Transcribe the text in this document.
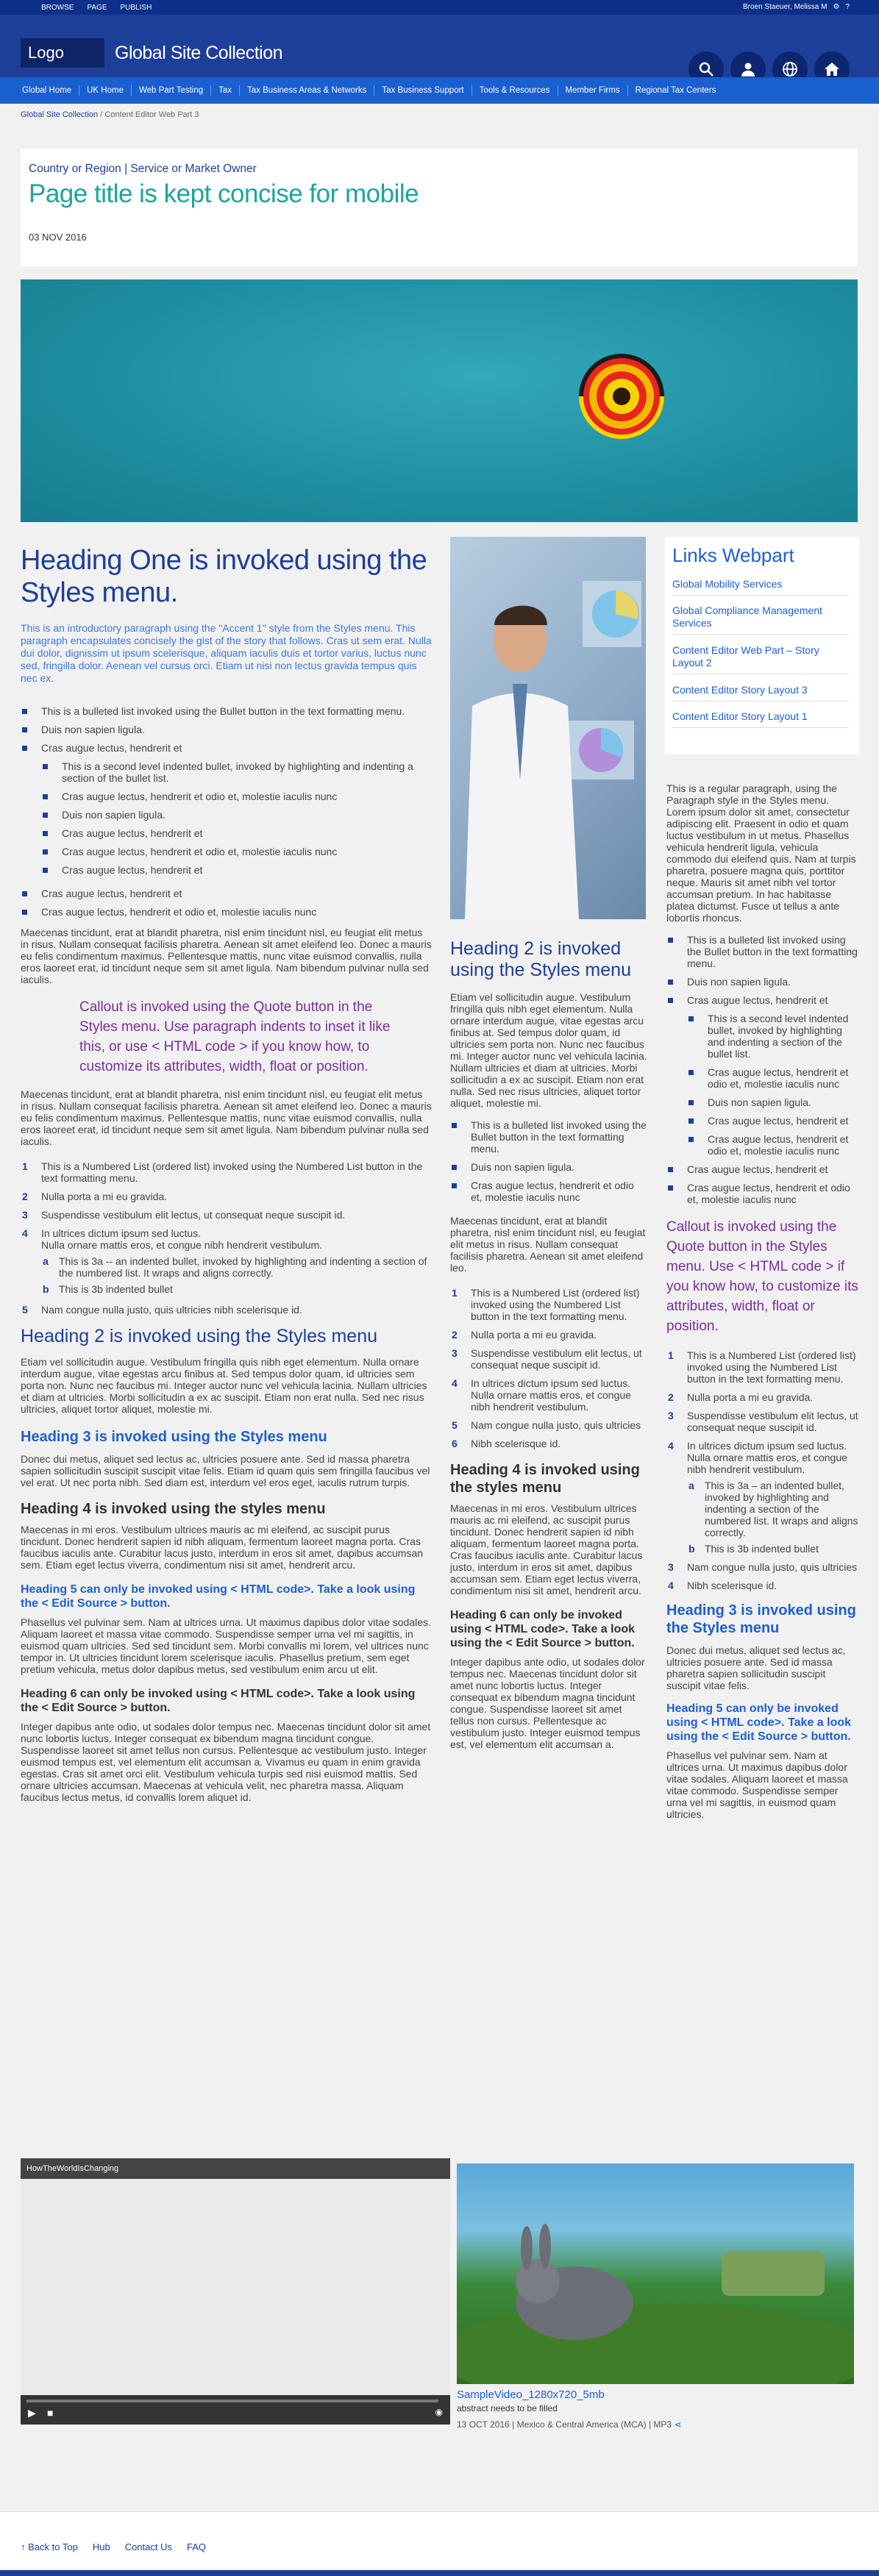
BROWSE PAGE PUBLISH	Broen Staeuer, Melissa M ⚙ ?
Logo	Global Site Collection
Global Home	UK Home	Web Part Testing	Tax	Tax Business Areas & Networks	Tax Business Support	Tools & Resources	Member Firms	Regional Tax Centers
Global Site Collection / Content Editor Web Part 3
Country or Region | Service or Market Owner
Page title is kept concise for mobile
03 NOV 2016
Heading One is invoked using the Styles menu.

This is an introductory paragraph using the "Accent 1" style from the Styles menu. This paragraph encapsulates concisely the gist of the story that follows. Cras ut sem erat. Nulla dui dolor, dignissim ut ipsum scelerisque, aliquam iaculis duis et tortor varius, luctus nunc sed, fringilla dolor. Aenean vel cursus orci. Etiam ut nisi non lectus gravida tempus quis nec ex.

This is a bulleted list invoked using the Bullet button in the text formatting menu.
Duis non sapien ligula.
Cras augue lectus, hendrerit et
This is a second level indented bullet, invoked by highlighting and indenting a section of the bullet list.
Cras augue lectus, hendrerit et odio et, molestie iaculis nunc
Duis non sapien ligula.
Cras augue lectus, hendrerit et
Cras augue lectus, hendrerit et odio et, molestie iaculis nunc
Cras augue lectus, hendrerit et
Cras augue lectus, hendrerit et
Cras augue lectus, hendrerit et odio et, molestie iaculis nunc

Maecenas tincidunt, erat at blandit pharetra, nisl enim tincidunt nisl, eu feugiat elit metus in risus. Nullam consequat facilisis pharetra. Aenean sit amet eleifend leo. Donec a mauris eu felis condimentum maximus. Pellentesque mattis, nunc vitae euismod convallis, nulla eros laoreet erat, id tincidunt neque sem sit amet ligula. Nam bibendum pulvinar nulla sed iaculis.

Callout is invoked using the Quote button in the Styles menu. Use paragraph indents to inset it like this, or use < HTML code > if you know how, to customize its attributes, width, float or position.

Maecenas tincidunt, erat at blandit pharetra, nisl enim tincidunt nisl, eu feugiat elit metus in risus. Nullam consequat facilisis pharetra. Aenean sit amet eleifend leo. Donec a mauris eu felis condimentum maximus. Pellentesque mattis, nunc vitae euismod convallis, nulla eros laoreet erat, id tincidunt neque sem sit amet ligula. Nam bibendum pulvinar nulla sed iaculis.

1 This is a Numbered List (ordered list) invoked using the Numbered List button in the text formatting menu.
2 Nulla porta a mi eu gravida.
3 Suspendisse vestibulum elit lectus, ut consequat neque suscipit id.
4 In ultrices dictum ipsum sed luctus.
Nulla ornare mattis eros, et congue nibh hendrerit vestibulum.
a This is 3a -- an indented bullet, invoked by highlighting and indenting a section of the numbered list. It wraps and aligns correctly.
b This is 3b indented bullet
5 Nam congue nulla justo, quis ultricies nibh scelerisque id.
Heading 2 is invoked using the Styles menu

Etiam vel sollicitudin augue. Vestibulum fringilla quis nibh eget elementum. Nulla ornare interdum augue, vitae egestas arcu finibus at. Sed tempus dolor quam, id ultricies sem porta non. Nunc nec faucibus mi. Integer auctor nunc vel vehicula lacinia. Nullam ultricies et diam at ultricies. Morbi sollicitudin a ex ac suscipit. Etiam non erat nulla. Sed nec risus ultricies, aliquet tortor aliquet, molestie mi.

Heading 3 is invoked using the Styles menu

Donec dui metus, aliquet sed lectus ac, ultricies posuere ante. Sed id massa pharetra sapien sollicitudin suscipit suscipit vitae felis. Etiam id quam quis sem fringilla faucibus vel vel erat. Ut nec porta nibh. Sed diam est, interdum vel eros eget, iaculis rutrum turpis.

Heading 4 is invoked using the styles menu

Maecenas in mi eros. Vestibulum ultrices mauris ac mi eleifend, ac suscipit purus tincidunt. Donec hendrerit sapien id nibh aliquam, fermentum laoreet magna porta. Cras faucibus iaculis ante. Curabitur lacus justo, interdum in eros sit amet, dapibus accumsan sem. Etiam eget lectus viverra, condimentum nisi sit amet, hendrerit arcu.

Heading 5 can only be invoked using < HTML code>. Take a look using the < Edit Source > button.

Phasellus vel pulvinar sem. Nam at ultrices urna. Ut maximus dapibus dolor vitae sodales. Aliquam laoreet et massa vitae commodo. Suspendisse semper urna vel mi sagittis, in euismod quam ultricies. Sed sed tincidunt sem. Morbi convallis mi lorem, vel ultrices nunc tempor in. Ut ultricies tincidunt lorem scelerisque iaculis. Phasellus pretium, sem eget pretium vehicula, metus dolor dapibus metus, sed vestibulum enim arcu ut elit.

Heading 6 can only be invoked using < HTML code>. Take a look using the < Edit Source > button.

Integer dapibus ante odio, ut sodales dolor tempus nec. Maecenas tincidunt dolor sit amet nunc lobortis luctus. Integer consequat ex bibendum magna tincidunt congue. Suspendisse laoreet sit amet tellus non cursus. Pellentesque ac vestibulum justo. Integer euismod tempus est, vel elementum elit accumsan a. Vivamus eu quam in enim gravida egestas. Cras sit amet orci elit. Vestibulum vehicula turpis sed nisi euismod mattis. Sed ornare ultricies accumsan. Maecenas at vehicula velit, nec pharetra massa. Aliquam faucibus lectus metus, id convallis lorem aliquet id.

Heading 2 is invoked using the Styles menu

Etiam vel sollicitudin augue. Vestibulum fringilla quis nibh eget elementum. Nulla ornare interdum augue, vitae egestas arcu finibus at. Sed tempus dolor quam, id ultricies sem porta non. Nunc nec faucibus mi. Integer auctor nunc vel vehicula lacinia. Nullam ultricies et diam at ultricies. Morbi sollicitudin a ex ac suscipit. Etiam non erat nulla. Sed nec risus ultricies, aliquet tortor aliquet, molestie mi.

This is a bulleted list invoked using the Bullet button in the text formatting menu.
Duis non sapien ligula.
Cras augue lectus, hendrerit et odio et, molestie iaculis nunc

Maecenas tincidunt, erat at blandit pharetra, nisl enim tincidunt nisl, eu feugiat elit metus in risus. Nullam consequat facilisis pharetra. Aenean sit amet eleifend leo.

1 This is a Numbered List (ordered list) invoked using the Numbered List button in the text formatting menu.
2 Nulla porta a mi eu gravida.
3 Suspendisse vestibulum elit lectus, ut consequat neque suscipit id.
4 In ultrices dictum ipsum sed luctus. Nulla ornare mattis eros, et congue nibh hendrerit vestibulum.
5 Nam congue nulla justo, quis ultricies
6 Nibh scelerisque id.
Heading 4 is invoked using the styles menu

Maecenas in mi eros. Vestibulum ultrices mauris ac mi eleifend, ac suscipit purus tincidunt. Donec hendrerit sapien id nibh aliquam, fermentum laoreet magna porta. Cras faucibus iaculis ante. Curabitur lacus justo, interdum in eros sit amet, dapibus accumsan sem. Etiam eget lectus viverra, condimentum nisi sit amet, hendrerit arcu.

Heading 6 can only be invoked using < HTML code>. Take a look using the < Edit Source > button.

Integer dapibus ante odio, ut sodales dolor tempus nec. Maecenas tincidunt dolor sit amet nunc lobortis luctus. Integer consequat ex bibendum magna tincidunt congue. Suspendisse laoreet sit amet tellus non cursus. Pellentesque ac vestibulum justo. Integer euismod tempus est, vel elementum elit accumsan a.

Links Webpart
Global Mobility Services
Global Compliance Management Services
Content Editor Web Part – Story Layout 2
Content Editor Story Layout 3
Content Editor Story Layout 1

This is a regular paragraph, using the Paragraph style in the Styles menu. Lorem ipsum dolor sit amet, consectetur adipiscing elit. Praesent in odio et quam luctus vestibulum in ut metus. Phasellus vehicula hendrerit ligula, vehicula commodo dui eleifend quis. Nam at turpis pharetra, posuere magna quis, porttitor neque. Mauris sit amet nibh vel tortor accumsan pretium. In hac habitasse platea dictumst. Fusce ut tellus a ante lobortis rhoncus.

This is a bulleted list invoked using the Bullet button in the text formatting menu.
Duis non sapien ligula.
Cras augue lectus, hendrerit et
This is a second level indented bullet, invoked by highlighting and indenting a section of the bullet list.
Cras augue lectus, hendrerit et odio et, molestie iaculis nunc
Duis non sapien ligula.
Cras augue lectus, hendrerit et
Cras augue lectus, hendrerit et odio et, molestie iaculis nunc
Cras augue lectus, hendrerit et
Cras augue lectus, hendrerit et odio et, molestie iaculis nunc

Callout is invoked using the Quote button in the Styles menu. Use < HTML code > if you know how, to customize its attributes, width, float or position.

1 This is a Numbered List (ordered list) invoked using the Numbered List button in the text formatting menu.
2 Nulla porta a mi eu gravida.
3 Suspendisse vestibulum elit lectus, ut consequat neque suscipit id.
4 In ultrices dictum ipsum sed luctus. Nulla ornare mattis eros, et congue nibh hendrerit vestibulum.
a This is 3a – an indented bullet, invoked by highlighting and indenting a section of the numbered list. It wraps and aligns correctly.
b This is 3b indented bullet
3 Nam congue nulla justo, quis ultricies
4 Nibh scelerisque id.
Heading 3 is invoked using the Styles menu

Donec dui metus, aliquet sed lectus ac, ultricies posuere ante. Sed id massa pharetra sapien sollicitudin suscipit suscipit vitae felis.

Heading 5 can only be invoked using < HTML code>. Take a look using the < Edit Source > button.

Phasellus vel pulvinar sem. Nam at ultrices urna. Ut maximus dapibus dolor vitae sodales. Aliquam laoreet et massa vitae commodo. Suspendisse semper urna vel mi sagittis, in euismod quam ultricies.

HowTheWorldIsChanging
▶ ■	◉
SampleVideo_1280x720_5mb
abstract needs to be filled
13 OCT 2016 | Mexico & Central America (MCA) | MP3 ⋖
↑ Back to Top Hub Contact Us FAQ
